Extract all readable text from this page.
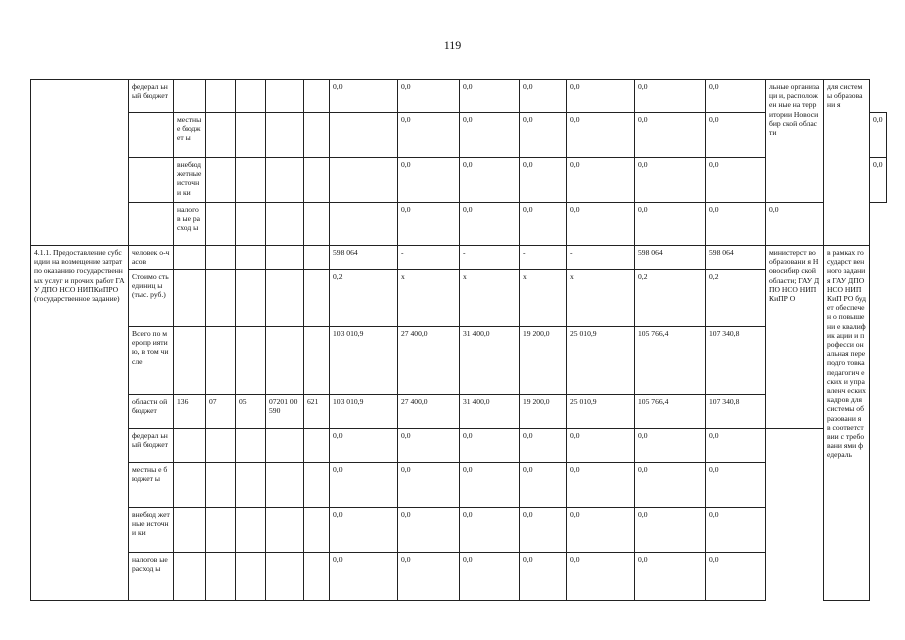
119
	федерал ьный бюджет						0,0	0,0	0,0	0,0	0,0	0,0	0,0	льные организаци и, расположен ные на территории Новосибир ской области	для системы образовани я	
		местны е бюджет ы						0,0	0,0	0,0	0,0	0,0	0,0			0,0
		внебюд жетные источни ки						0,0	0,0	0,0	0,0	0,0	0,0			0,0
		налогов ые расход ы						0,0	0,0	0,0	0,0	0,0	0,0	0,0		
4.1.1. Предоставление субсидии на возмещение затрат по оказанию государственных услуг и прочих работ ГАУ ДПО НСО НИПКиПРО (государственное задание)	человек о-часов						598 064	-	-	-	-	598 064	598 064	министерст во образовани я Новосибир ской области; ГАУ ДПО НСО НИПКиПР О	в рамках государст венного задания ГАУ ДПО НСО НИПКиП РО будет обеспечен о повышени е квалифик ации и професси ональная переподго товка педагогич еских и управленч еских кадров для системы образовани я в соответст вии с требовани ями федераль	
	Стоимо сть единиц ы (тыс. руб.)						0,2	х	х	х	х	0,2	0,2			
	Всего по меропр иятию, в том числе						103 010,9	27 400,0	31 400,0	19 200,0	25 010,9	105 766,4	107 340,8			
	областн ой бюджет	136	07	05	07201 00590	621	103 010,9	27 400,0	31 400,0	19 200,0	25 010,9	105 766,4	107 340,8			
	федерал ьный бюджет						0,0	0,0	0,0	0,0	0,0	0,0	0,0			
	местны е бюджет ы						0,0	0,0	0,0	0,0	0,0	0,0	0,0			
	внебюд жетные источни ки						0,0	0,0	0,0	0,0	0,0	0,0	0,0			
	налогов ые расход ы						0,0	0,0	0,0	0,0	0,0	0,0	0,0			
